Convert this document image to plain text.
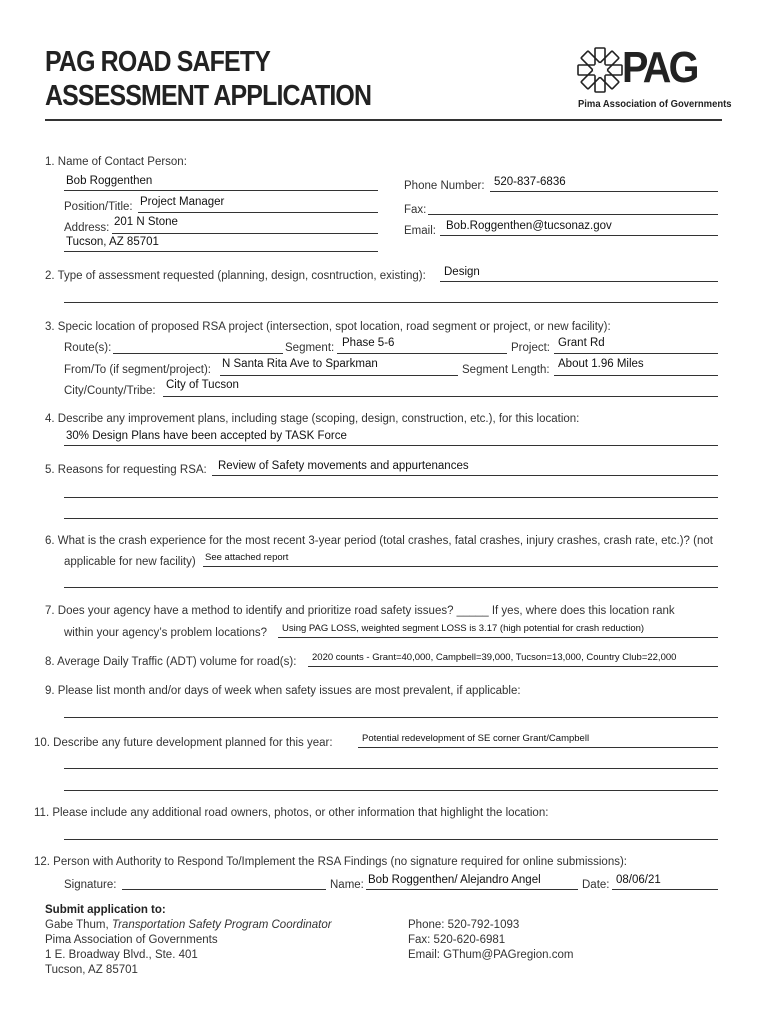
PAG ROAD SAFETY
ASSESSMENT APPLICATION
PAG
Pima Association of Governments
1. Name of Contact Person:
Bob Roggenthen
Position/Title: Project Manager
Address: 201 N Stone
Tucson, AZ 85701
Phone Number: 520-837-6836
Fax:
Email: Bob.Roggenthen@tucsonaz.gov
2. Type of assessment requested (planning, design, cosntruction, existing): Design
3. Specic location of proposed RSA project (intersection, spot location, road segment or project, or new facility):
Route(s):	Segment: Phase 5-6	Project: Grant Rd
From/To (if segment/project): N Santa Rita Ave to Sparkman	Segment Length: About 1.96 Miles
City/County/Tribe: City of Tucson
4. Describe any improvement plans, including stage (scoping, design, construction, etc.), for this location:
30% Design Plans have been accepted by TASK Force
5. Reasons for requesting RSA: Review of Safety movements and appurtenances
6. What is the crash experience for the most recent 3-year period (total crashes, fatal crashes, injury crashes, crash rate, etc.)? (not
applicable for new facility) See attached report
7. Does your agency have a method to identify and prioritize road safety issues? _____ If yes, where does this location rank
within your agency’s problem locations? Using PAG LOSS, weighted segment LOSS is 3.17 (high potential for crash reduction)
8. Average Daily Traffic (ADT) volume for road(s): 2020 counts - Grant=40,000, Campbell=39,000, Tucson=13,000, Country Club=22,000
9. Please list month and/or days of week when safety issues are most prevalent, if applicable:
10. Describe any future development planned for this year:	Potential redevelopment of SE corner Grant/Campbell
11. Please include any additional road owners, photos, or other information that highlight the location:
12. Person with Authority to Respond To/Implement the RSA Findings (no signature required for online submissions):
Signature:	Name: Bob Roggenthen/ Alejandro Angel	Date: 08/06/21
Submit application to:
Gabe Thum, Transportation Safety Program Coordinator
Pima Association of Governments
1 E. Broadway Blvd., Ste. 401
Tucson, AZ 85701
Phone: 520-792-1093
Fax: 520-620-6981
Email: GThum@PAGregion.com
